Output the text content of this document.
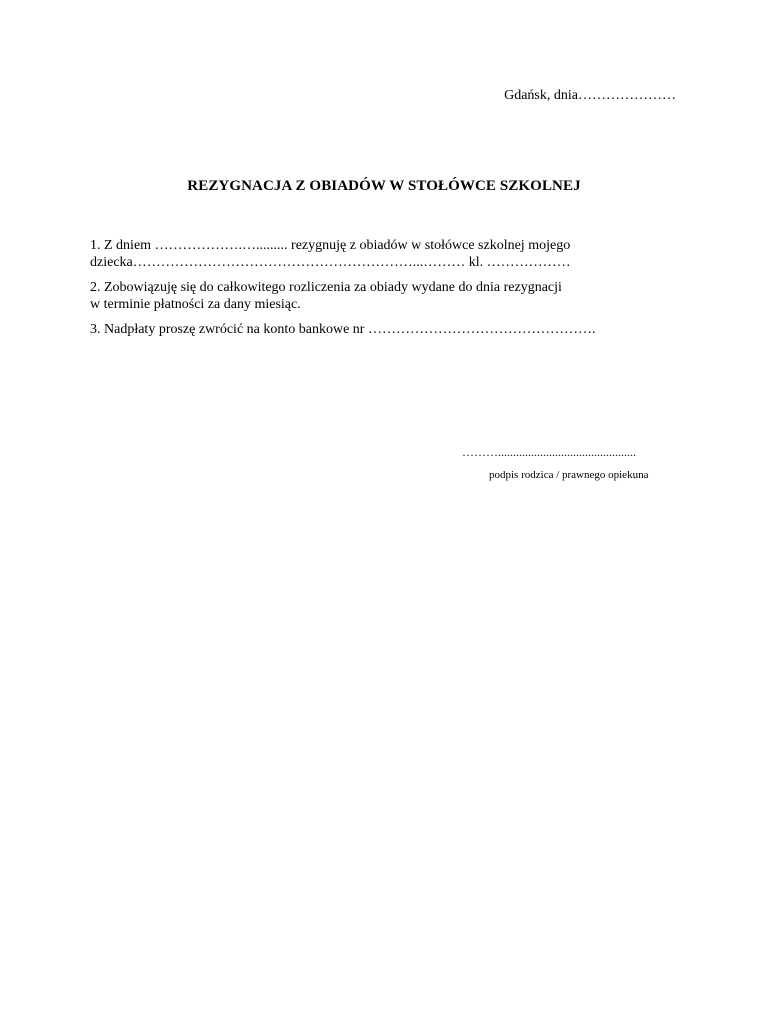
Gdańsk, dnia…………………
REZYGNACJA Z OBIADÓW W STOŁÓWCE SZKOLNEJ
1. Z dniem ……………….…......... rezygnuję z obiadów w stołówce szkolnej mojego
dziecka……………………………………………………...……… kl. ………………
2. Zobowiązuję się do całkowitego rozliczenia za obiady wydane do dnia rezygnacji
w terminie płatności za dany miesiąc.
3. Nadpłaty proszę zwrócić na konto bankowe nr ………………………………………….
………..............................................
podpis rodzica / prawnego opiekuna
